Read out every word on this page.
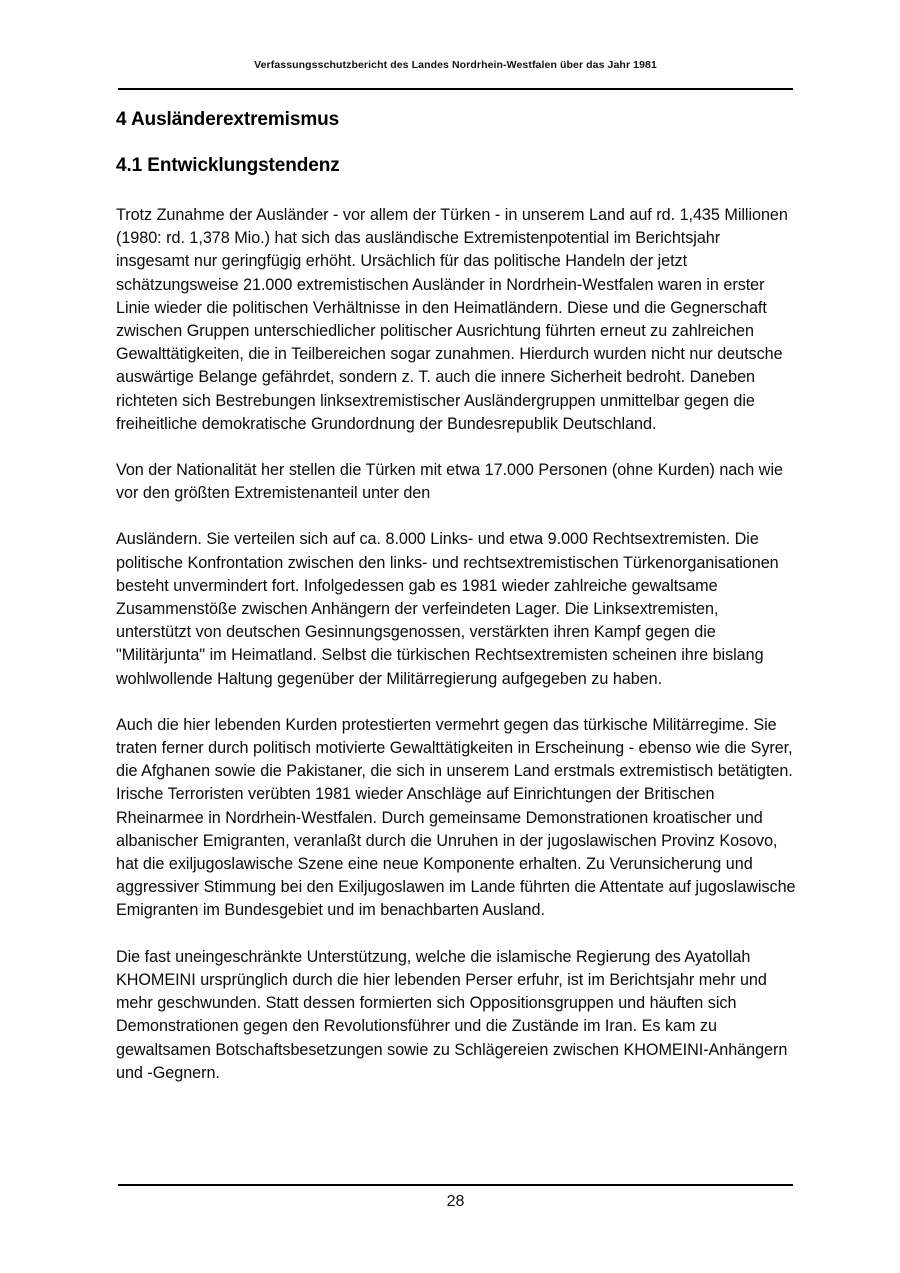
Verfassungsschutzbericht des Landes Nordrhein-Westfalen über das Jahr 1981
4 Ausländerextremismus
4.1 Entwicklungstendenz

Trotz Zunahme der Ausländer - vor allem der Türken - in unserem Land auf rd. 1,435 Millionen (1980: rd. 1,378 Mio.) hat sich das ausländische Extremistenpotential im Berichtsjahr insgesamt nur geringfügig erhöht. Ursächlich für das politische Handeln der jetzt schätzungsweise 21.000 extremistischen Ausländer in Nordrhein-Westfalen waren in erster Linie wieder die politischen Verhältnisse in den Heimatländern. Diese und die Gegnerschaft zwischen Gruppen unterschiedlicher politischer Ausrichtung führten erneut zu zahlreichen Gewalttätigkeiten, die in Teilbereichen sogar zunahmen. Hierdurch wurden nicht nur deutsche auswärtige Belange gefährdet, sondern z. T. auch die innere Sicherheit bedroht. Daneben richteten sich Bestrebungen linksextremistischer Ausländergruppen unmittelbar gegen die freiheitliche demokratische Grundordnung der Bundesrepublik Deutschland.

Von der Nationalität her stellen die Türken mit etwa 17.000 Personen (ohne Kurden) nach wie vor den größten Extremistenanteil unter den

Ausländern. Sie verteilen sich auf ca. 8.000 Links- und etwa 9.000 Rechtsextremisten. Die politische Konfrontation zwischen den links- und rechtsextremistischen Türkenorganisationen besteht unvermindert fort. Infolgedessen gab es 1981 wieder zahlreiche gewaltsame Zusammenstöße zwischen Anhängern der verfeindeten Lager. Die Linksextremisten, unterstützt von deutschen Gesinnungsgenossen, verstärkten ihren Kampf gegen die "Militärjunta" im Heimatland. Selbst die türkischen Rechtsextremisten scheinen ihre bislang wohlwollende Haltung gegenüber der Militärregierung aufgegeben zu haben.

Auch die hier lebenden Kurden protestierten vermehrt gegen das türkische Militärregime. Sie traten ferner durch politisch motivierte Gewalttätigkeiten in Erscheinung - ebenso wie die Syrer, die Afghanen sowie die Pakistaner, die sich in unserem Land erstmals extremistisch betätigten. Irische Terroristen verübten 1981 wieder Anschläge auf Einrichtungen der Britischen Rheinarmee in Nordrhein-Westfalen. Durch gemeinsame Demonstrationen kroatischer und albanischer Emigranten, veranlaßt durch die Unruhen in der jugoslawischen Provinz Kosovo, hat die exiljugoslawische Szene eine neue Komponente erhalten. Zu Verunsicherung und aggressiver Stimmung bei den Exiljugoslawen im Lande führten die Attentate auf jugoslawische Emigranten im Bundesgebiet und im benachbarten Ausland.

Die fast uneingeschränkte Unterstützung, welche die islamische Regierung des Ayatollah KHOMEINI ursprünglich durch die hier lebenden Perser erfuhr, ist im Berichtsjahr mehr und mehr geschwunden. Statt dessen formierten sich Oppositionsgruppen und häuften sich Demonstrationen gegen den Revolutionsführer und die Zustände im Iran. Es kam zu gewaltsamen Botschaftsbesetzungen sowie zu Schlägereien zwischen KHOMEINI-Anhängern und -Gegnern.

28
